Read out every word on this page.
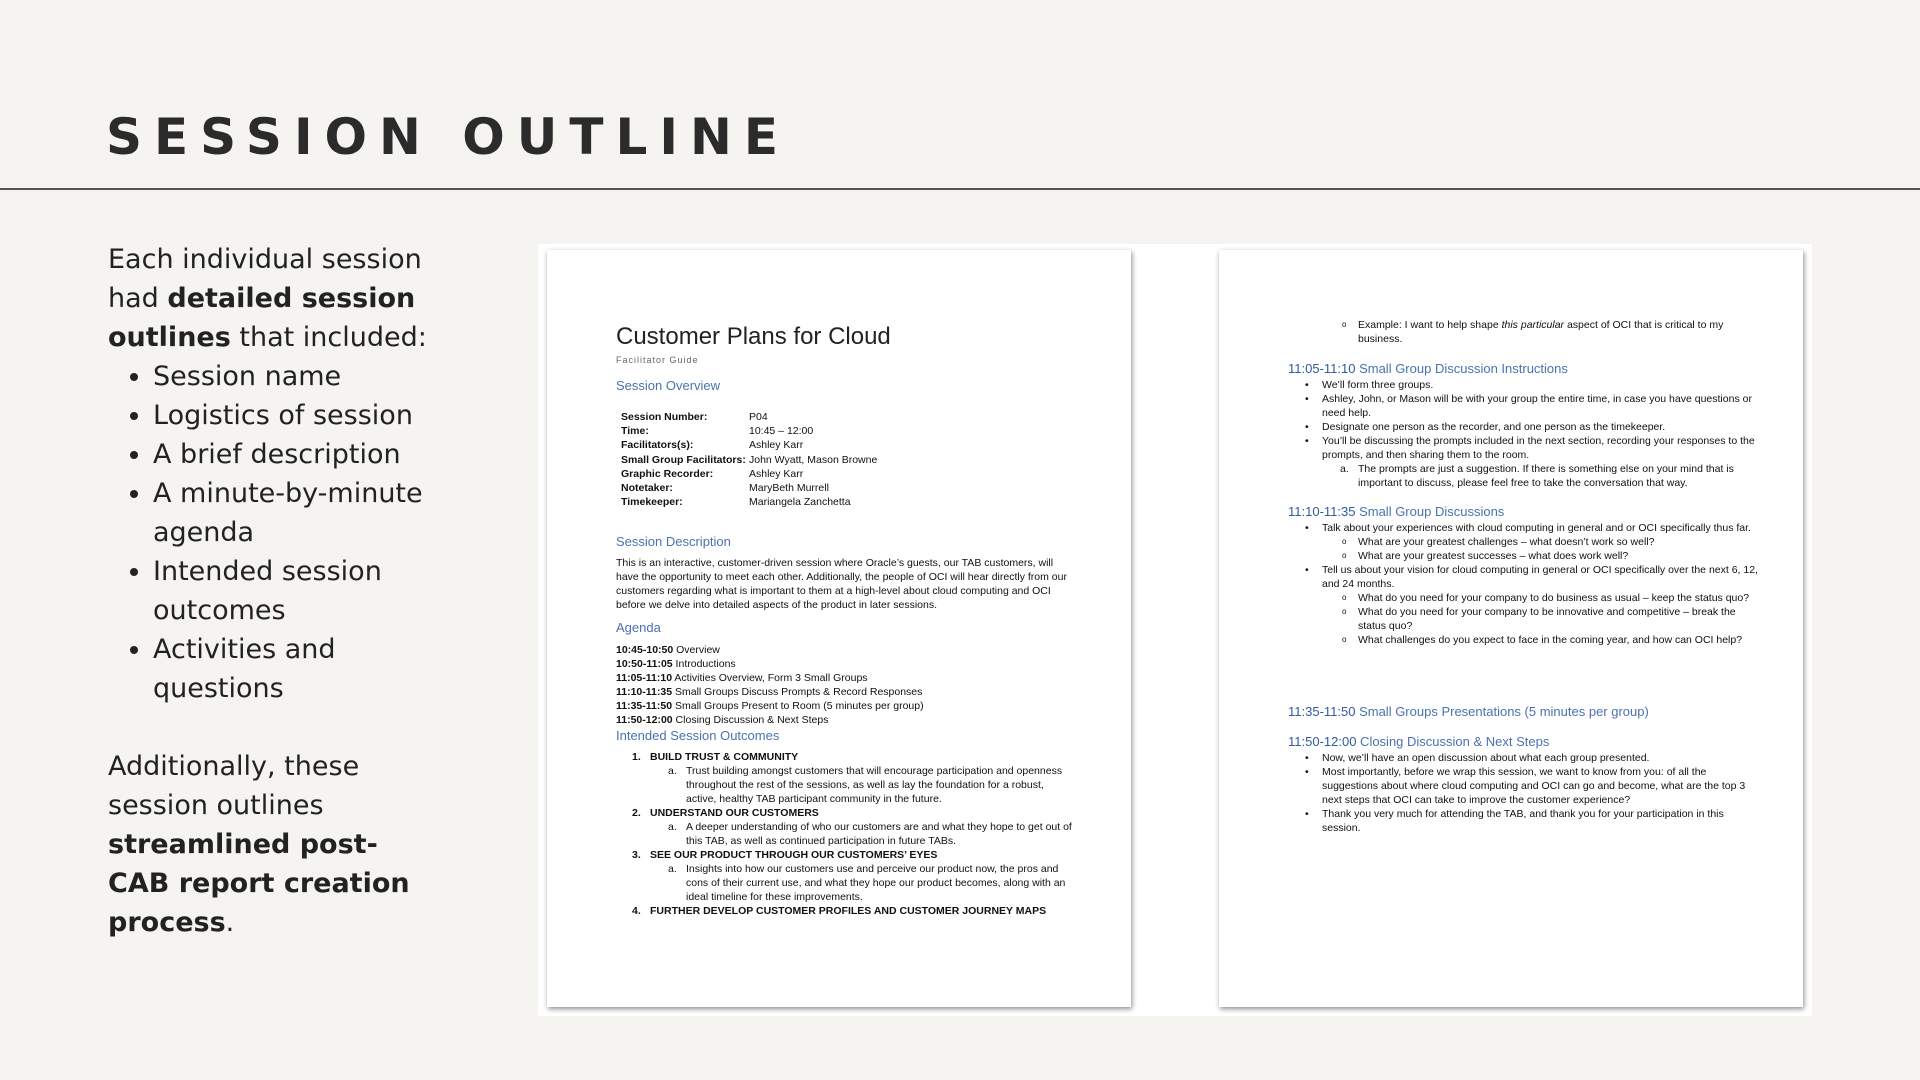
SESSION OUTLINE
Each individual session had detailed session outlines that included:
• Session name
• Logistics of session
• A brief description
• A minute-by-minute agenda
• Intended session outcomes
• Activities and questions
Additionally, these session outlines streamlined post-CAB report creation process.
Customer Plans for Cloud
Facilitator Guide
Session Overview
Session Number:	P04
Time:	10:45 – 12:00
Facilitators(s):	Ashley Karr
Small Group Facilitators:	John Wyatt, Mason Browne
Graphic Recorder:	Ashley Karr
Notetaker:	MaryBeth Murrell
Timekeeper:	Mariangela Zanchetta
Session Description
This is an interactive, customer-driven session where Oracle’s guests, our TAB customers, will have the opportunity to meet each other. Additionally, the people of OCI will hear directly from our customers regarding what is important to them at a high-level about cloud computing and OCI before we delve into detailed aspects of the product in later sessions.
Agenda
10:45-10:50 Overview
10:50-11:05 Introductions
11:05-11:10 Activities Overview, Form 3 Small Groups
11:10-11:35 Small Groups Discuss Prompts & Record Responses
11:35-11:50 Small Groups Present to Room (5 minutes per group)
11:50-12:00 Closing Discussion & Next Steps
Intended Session Outcomes
1. BUILD TRUST & COMMUNITY
a. Trust building amongst customers that will encourage participation and openness throughout the rest of the sessions, as well as lay the foundation for a robust, active, healthy TAB participant community in the future.
2. UNDERSTAND OUR CUSTOMERS
a. A deeper understanding of who our customers are and what they hope to get out of this TAB, as well as continued participation in future TABs.
3. SEE OUR PRODUCT THROUGH OUR CUSTOMERS’ EYES
a. Insights into how our customers use and perceive our product now, the pros and cons of their current use, and what they hope our product becomes, along with an ideal timeline for these improvements.
4. FURTHER DEVELOP CUSTOMER PROFILES AND CUSTOMER JOURNEY MAPS
o Example: I want to help shape this particular aspect of OCI that is critical to my business.
11:05-11:10 Small Group Discussion Instructions
• We’ll form three groups.
• Ashley, John, or Mason will be with your group the entire time, in case you have questions or need help.
• Designate one person as the recorder, and one person as the timekeeper.
• You’ll be discussing the prompts included in the next section, recording your responses to the prompts, and then sharing them to the room.
a. The prompts are just a suggestion. If there is something else on your mind that is important to discuss, please feel free to take the conversation that way.
11:10-11:35 Small Group Discussions
• Talk about your experiences with cloud computing in general and or OCI specifically thus far.
o What are your greatest challenges – what doesn’t work so well?
o What are your greatest successes – what does work well?
• Tell us about your vision for cloud computing in general or OCI specifically over the next 6, 12, and 24 months.
o What do you need for your company to do business as usual – keep the status quo?
o What do you need for your company to be innovative and competitive – break the status quo?
o What challenges do you expect to face in the coming year, and how can OCI help?
11:35-11:50 Small Groups Presentations (5 minutes per group)
11:50-12:00 Closing Discussion & Next Steps
• Now, we’ll have an open discussion about what each group presented.
• Most importantly, before we wrap this session, we want to know from you: of all the suggestions about where cloud computing and OCI can go and become, what are the top 3 next steps that OCI can take to improve the customer experience?
• Thank you very much for attending the TAB, and thank you for your participation in this session.
